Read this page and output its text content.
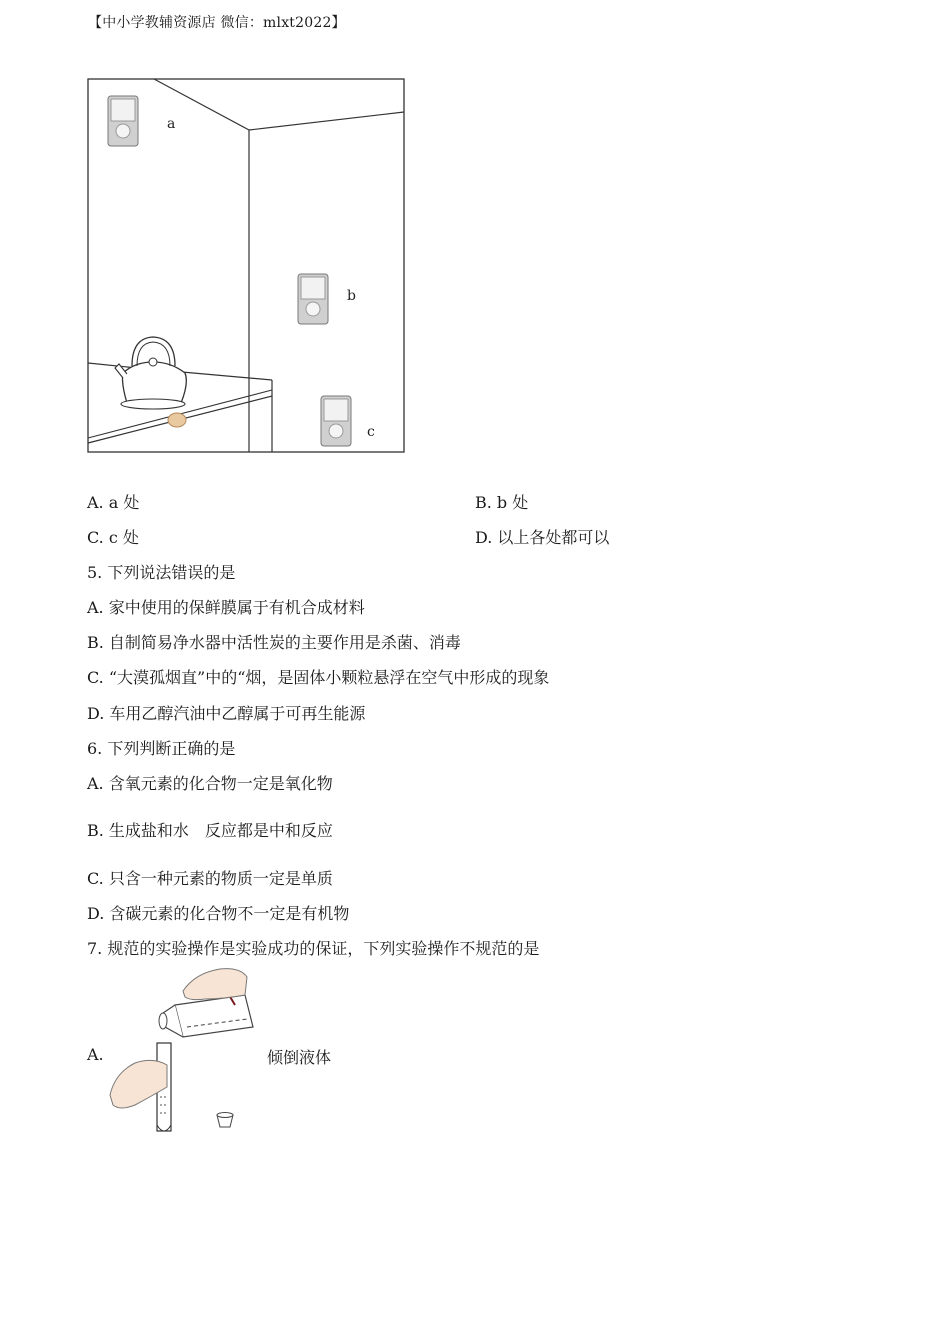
【中小学教辅资源店 微信：mlxt2022】
a
b
c
A. a 处	B. b 处
C. c 处	D. 以上各处都可以
5. 下列说法错误的是
A. 家中使用的保鲜膜属于有机合成材料
B. 自制简易净水器中活性炭的主要作用是杀菌、消毒
C. “大漠孤烟直”中的“烟，是固体小颗粒悬浮在空气中形成的现象
D. 车用乙醇汽油中乙醇属于可再生能源
6. 下列判断正确的是
A. 含氧元素的化合物一定是氧化物
B. 生成盐和水　反应都是中和反应
C. 只含一种元素的物质一定是单质
D. 含碳元素的化合物不一定是有机物
7. 规范的实验操作是实验成功的保证，下列实验操作不规范的是
A.	倾倒液体
